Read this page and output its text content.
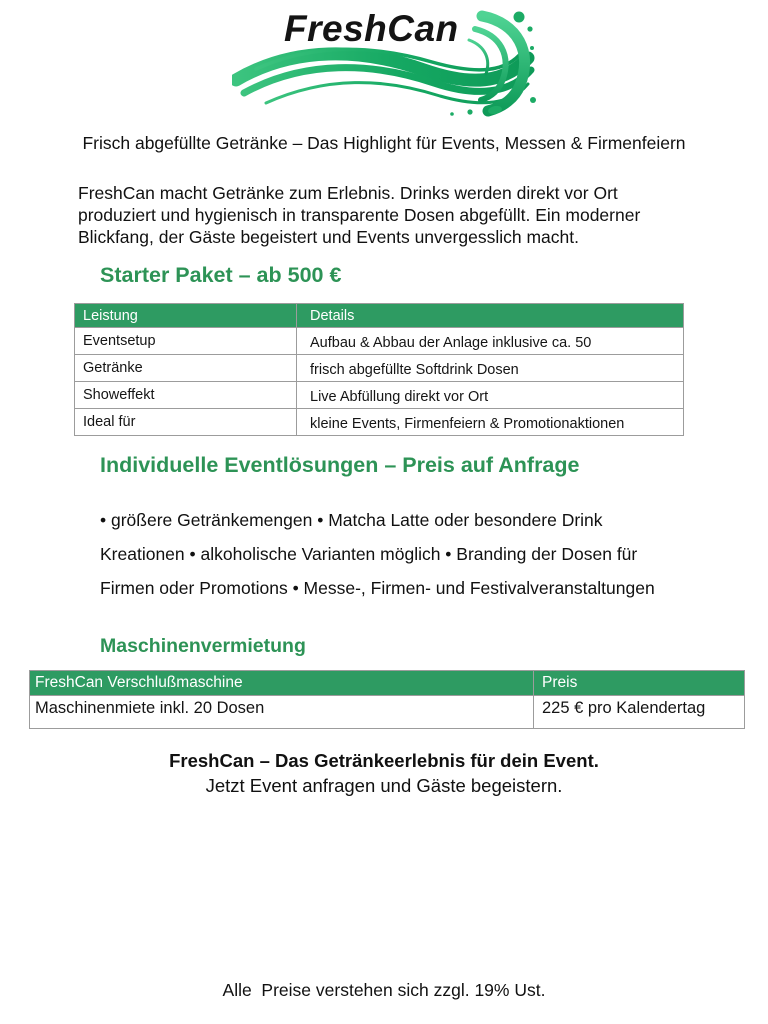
FreshCan
Frisch abgefüllte Getränke – Das Highlight für Events, Messen & Firmenfeiern
FreshCan macht Getränke zum Erlebnis. Drinks werden direkt vor Ort
produziert und hygienisch in transparente Dosen abgefüllt. Ein moderner
Blickfang, der Gäste begeistert und Events unvergesslich macht.
Starter Paket – ab 500 €
Leistung	Details
Eventsetup	Aufbau & Abbau der Anlage inklusive ca. 50
Getränke	frisch abgefüllte Softdrink Dosen
Showeffekt	Live Abfüllung direkt vor Ort
Ideal für	kleine Events, Firmenfeiern & Promotionaktionen
Individuelle Eventlösungen – Preis auf Anfrage
• größere Getränkemengen • Matcha Latte oder besondere Drink
Kreationen • alkoholische Varianten möglich • Branding der Dosen für
Firmen oder Promotions • Messe-, Firmen- und Festivalveranstaltungen
Maschinenvermietung
FreshCan Verschlußmaschine	Preis
Maschinenmiete inkl. 20 Dosen	225 € pro Kalendertag
FreshCan – Das Getränkeerlebnis für dein Event.
Jetzt Event anfragen und Gäste begeistern.
Alle  Preise verstehen sich zzgl. 19% Ust.
